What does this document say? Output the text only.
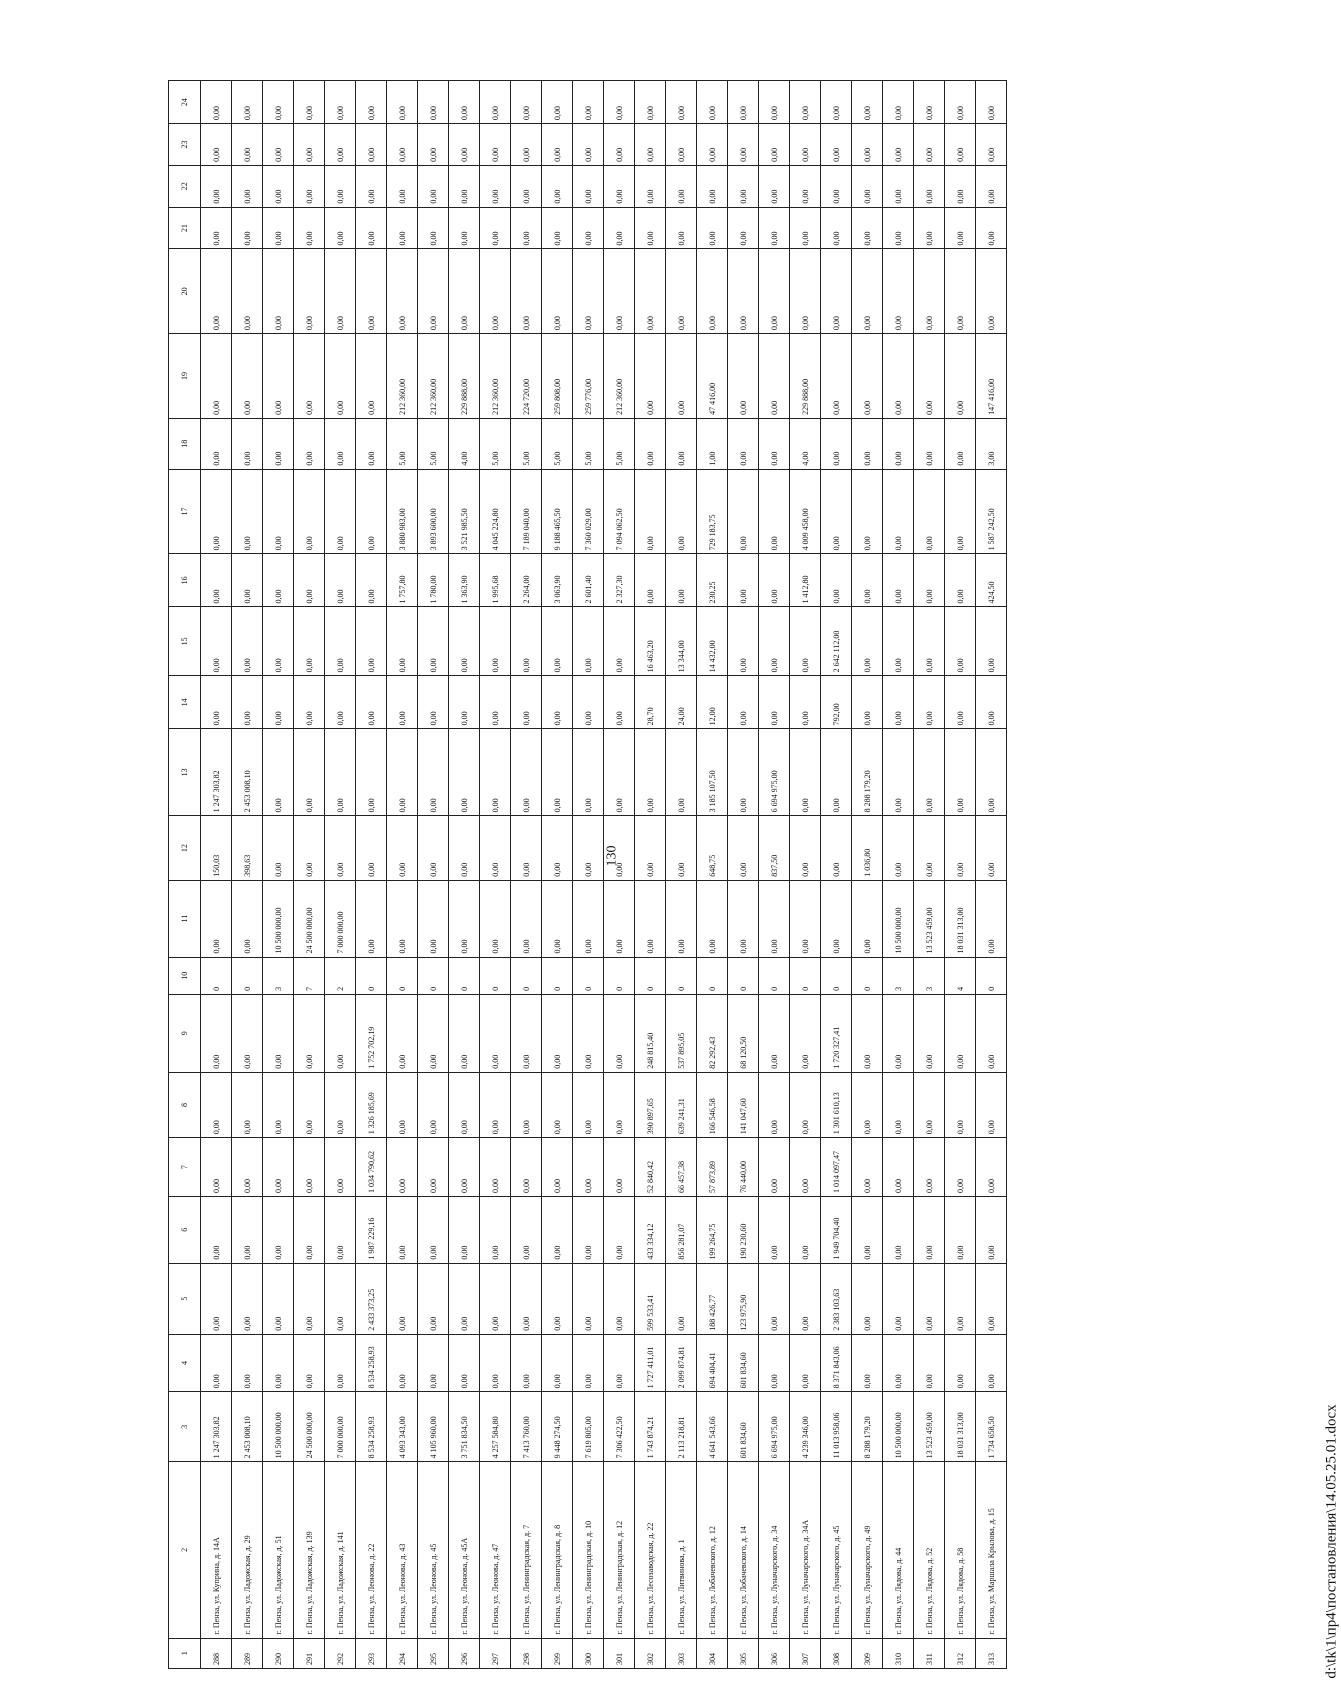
130
1	2	3	4	5	6	7	8	9	10	11	12	13	14	15	16	17	18	19	20	21	22	23	24
288	г. Пенза, ул. Куприна, д. 14А	1 247 303,82	0,00	0,00	0,00	0,00	0,00	0,00	0	0,00	150,03	1 247 303,82	0,00	0,00	0,00	0,00	0,00	0,00	0,00	0,00	0,00	0,00	0,00
289	г. Пенза, ул. Ладожская, д. 29	2 453 008,10	0,00	0,00	0,00	0,00	0,00	0,00	0	0,00	398,63	2 453 008,10	0,00	0,00	0,00	0,00	0,00	0,00	0,00	0,00	0,00	0,00	0,00
290	г. Пенза, ул. Ладожская, д. 51	10 500 000,00	0,00	0,00	0,00	0,00	0,00	0,00	3	10 500 000,00	0,00	0,00	0,00	0,00	0,00	0,00	0,00	0,00	0,00	0,00	0,00	0,00	0,00
291	г. Пенза, ул. Ладожская, д. 139	24 500 000,00	0,00	0,00	0,00	0,00	0,00	0,00	7	24 500 000,00	0,00	0,00	0,00	0,00	0,00	0,00	0,00	0,00	0,00	0,00	0,00	0,00	0,00
292	г. Пенза, ул. Ладожская, д. 141	7 000 000,00	0,00	0,00	0,00	0,00	0,00	0,00	2	7 000 000,00	0,00	0,00	0,00	0,00	0,00	0,00	0,00	0,00	0,00	0,00	0,00	0,00	0,00
293	г. Пенза, ул. Леонова, д. 22	8 534 258,93	8 534 258,93	2 433 373,25	1 987 229,16	1 034 790,62	1 326 185,69	1 752 702,19	0	0,00	0,00	0,00	0,00	0,00	0,00	0,00	0,00	0,00	0,00	0,00	0,00	0,00	0,00
294	г. Пенза, ул. Леонова, д. 43	4 093 343,00	0,00	0,00	0,00	0,00	0,00	0,00	0	0,00	0,00	0,00	0,00	0,00	1 757,80	3 880 983,00	5,00	212 360,00	0,00	0,00	0,00	0,00	0,00
295	г. Пенза, ул. Леонова, д. 45	4 105 960,00	0,00	0,00	0,00	0,00	0,00	0,00	0	0,00	0,00	0,00	0,00	0,00	1 780,00	3 893 600,00	5,00	212 360,00	0,00	0,00	0,00	0,00	0,00
296	г. Пенза, ул. Леонова, д. 45А	3 751 834,50	0,00	0,00	0,00	0,00	0,00	0,00	0	0,00	0,00	0,00	0,00	0,00	1 363,90	3 521 985,50	4,00	229 888,00	0,00	0,00	0,00	0,00	0,00
297	г. Пенза, ул. Леонова, д. 47	4 257 584,80	0,00	0,00	0,00	0,00	0,00	0,00	0	0,00	0,00	0,00	0,00	0,00	1 995,68	4 045 224,80	5,00	212 360,00	0,00	0,00	0,00	0,00	0,00
298	г. Пенза, ул. Ленинградская, д. 7	7 413 760,00	0,00	0,00	0,00	0,00	0,00	0,00	0	0,00	0,00	0,00	0,00	0,00	2 264,00	7 189 040,00	5,00	224 720,00	0,00	0,00	0,00	0,00	0,00
299	г. Пенза, ул. Ленинградская, д. 8	9 448 274,50	0,00	0,00	0,00	0,00	0,00	0,00	0	0,00	0,00	0,00	0,00	0,00	3 063,90	9 188 465,50	5,00	259 808,00	0,00	0,00	0,00	0,00	0,00
300	г. Пенза, ул. Ленинградская, д. 10	7 619 805,00	0,00	0,00	0,00	0,00	0,00	0,00	0	0,00	0,00	0,00	0,00	0,00	2 601,40	7 360 029,00	5,00	259 776,00	0,00	0,00	0,00	0,00	0,00
301	г. Пенза, ул. Ленинградская, д. 12	7 306 422,50	0,00	0,00	0,00	0,00	0,00	0,00	0	0,00	0,00	0,00	0,00	0,00	2 327,30	7 094 062,50	5,00	212 360,00	0,00	0,00	0,00	0,00	0,00
302	г. Пенза, ул. Лесозаводская, д. 22	1 743 874,21	1 727 411,01	599 533,41	433 334,12	52 840,42	390 897,65	248 815,40	0	0,00	0,00	0,00	28,70	16 463,20	0,00	0,00	0,00	0,00	0,00	0,00	0,00	0,00	0,00
303	г. Пенза, ул. Литвинова, д. 1	2 113 218,81	2 099 874,81	0,00	856 281,07	66 457,38	639 241,31	537 895,05	0	0,00	0,00	0,00	24,00	13 344,00	0,00	0,00	0,00	0,00	0,00	0,00	0,00	0,00	0,00
304	г. Пенза, ул. Лобачевского, д. 12	4 641 543,66	694 404,41	188 426,77	199 264,75	57 873,89	166 546,58	82 292,43	0	0,00	648,75	3 185 107,50	12,00	14 432,00	230,25	729 183,75	1,00	47 416,00	0,00	0,00	0,00	0,00	0,00
305	г. Пенза, ул. Лобачевского, д. 14	601 834,60	601 834,60	123 975,90	190 230,60	76 440,00	141 047,60	68 120,50	0	0,00	0,00	0,00	0,00	0,00	0,00	0,00	0,00	0,00	0,00	0,00	0,00	0,00	0,00
306	г. Пенза, ул. Луначарского, д. 34	6 694 975,00	0,00	0,00	0,00	0,00	0,00	0,00	0	0,00	837,50	6 694 975,00	0,00	0,00	0,00	0,00	0,00	0,00	0,00	0,00	0,00	0,00	0,00
307	г. Пенза, ул. Луначарского, д. 34А	4 239 346,00	0,00	0,00	0,00	0,00	0,00	0,00	0	0,00	0,00	0,00	0,00	0,00	1 412,80	4 009 458,00	4,00	229 888,00	0,00	0,00	0,00	0,00	0,00
308	г. Пенза, ул. Луначарского, д. 45	11 013 958,06	8 371 843,06	2 383 103,63	1 949 704,40	1 014 097,47	1 301 610,13	1 720 327,41	0	0,00	0,00	0,00	792,00	2 642 112,00	0,00	0,00	0,00	0,00	0,00	0,00	0,00	0,00	0,00
309	г. Пенза, ул. Луначарского, д. 49	8 288 179,20	0,00	0,00	0,00	0,00	0,00	0,00	0	0,00	1 036,80	8 288 179,20	0,00	0,00	0,00	0,00	0,00	0,00	0,00	0,00	0,00	0,00	0,00
310	г. Пенза, ул. Лядова, д. 44	10 500 000,00	0,00	0,00	0,00	0,00	0,00	0,00	3	10 500 000,00	0,00	0,00	0,00	0,00	0,00	0,00	0,00	0,00	0,00	0,00	0,00	0,00	0,00
311	г. Пенза, ул. Лядова, д. 52	13 523 459,00	0,00	0,00	0,00	0,00	0,00	0,00	3	13 523 459,00	0,00	0,00	0,00	0,00	0,00	0,00	0,00	0,00	0,00	0,00	0,00	0,00	0,00
312	г. Пенза, ул. Лядова, д. 58	18 031 313,00	0,00	0,00	0,00	0,00	0,00	0,00	4	18 031 313,00	0,00	0,00	0,00	0,00	0,00	0,00	0,00	0,00	0,00	0,00	0,00	0,00	0,00
313	г. Пенза, ул. Маршала Крылова, д. 15	1 734 658,50	0,00	0,00	0,00	0,00	0,00	0,00	0	0,00	0,00	0,00	0,00	0,00	424,50	1 587 242,50	3,00	147 416,00	0,00	0,00	0,00	0,00	0,00
d:\tk\1\пр4\постановления\14.05.25.01.docx
